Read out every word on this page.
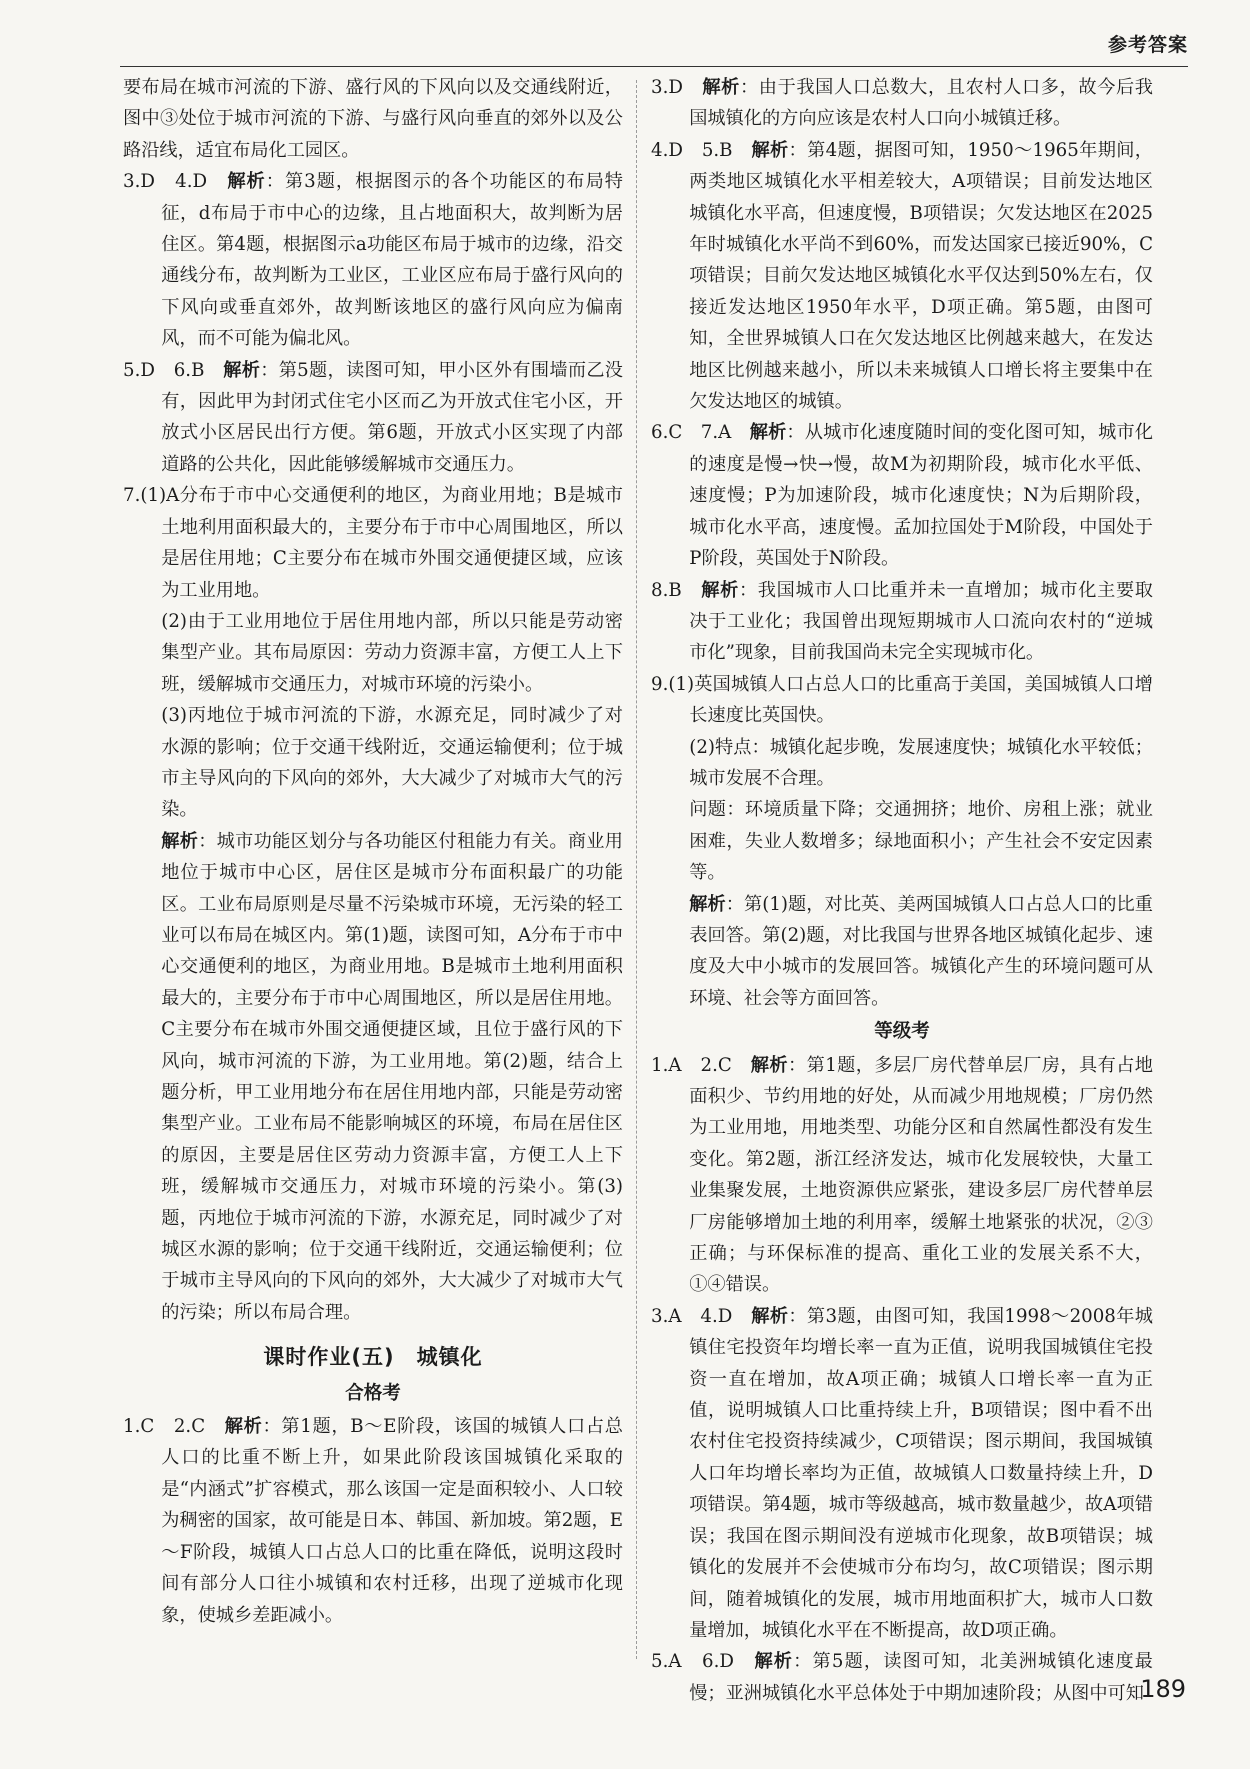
参考答案

要布局在城市河流的下游、盛行风的下风向以及交通线附近，图中③处位于城市河流的下游、与盛行风向垂直的郊外以及公路沿线，适宜布局化工园区。

3.D　4.D　解析：第3题，根据图示的各个功能区的布局特征，d布局于市中心的边缘，且占地面积大，故判断为居住区。第4题，根据图示a功能区布局于城市的边缘，沿交通线分布，故判断为工业区，工业区应布局于盛行风向的下风向或垂直郊外，故判断该地区的盛行风向应为偏南风，而不可能为偏北风。

5.D　6.B　解析：第5题，读图可知，甲小区外有围墙而乙没有，因此甲为封闭式住宅小区而乙为开放式住宅小区，开放式小区居民出行方便。第6题，开放式小区实现了内部道路的公共化，因此能够缓解城市交通压力。

7.(1)A分布于市中心交通便利的地区，为商业用地；B是城市土地利用面积最大的，主要分布于市中心周围地区，所以是居住用地；C主要分布在城市外围交通便捷区域，应该为工业用地。

(2)由于工业用地位于居住用地内部，所以只能是劳动密集型产业。其布局原因：劳动力资源丰富，方便工人上下班，缓解城市交通压力，对城市环境的污染小。

(3)丙地位于城市河流的下游，水源充足，同时减少了对水源的影响；位于交通干线附近，交通运输便利；位于城市主导风向的下风向的郊外，大大减少了对城市大气的污染。

解析：城市功能区划分与各功能区付租能力有关。商业用地位于城市中心区，居住区是城市分布面积最广的功能区。工业布局原则是尽量不污染城市环境，无污染的轻工业可以布局在城区内。第(1)题，读图可知，A分布于市中心交通便利的地区，为商业用地。B是城市土地利用面积最大的，主要分布于市中心周围地区，所以是居住用地。C主要分布在城市外围交通便捷区域，且位于盛行风的下风向，城市河流的下游，为工业用地。第(2)题，结合上题分析，甲工业用地分布在居住用地内部，只能是劳动密集型产业。工业布局不能影响城区的环境，布局在居住区的原因，主要是居住区劳动力资源丰富，方便工人上下班，缓解城市交通压力，对城市环境的污染小。第(3)题，丙地位于城市河流的下游，水源充足，同时减少了对城区水源的影响；位于交通干线附近，交通运输便利；位于城市主导风向的下风向的郊外，大大减少了对城市大气的污染；所以布局合理。

课时作业(五)　城镇化
合格考

1.C　2.C　解析：第1题，B～E阶段，该国的城镇人口占总人口的比重不断上升，如果此阶段该国城镇化采取的是“内涵式”扩容模式，那么该国一定是面积较小、人口较为稠密的国家，故可能是日本、韩国、新加坡。第2题，E～F阶段，城镇人口占总人口的比重在降低，说明这段时间有部分人口往小城镇和农村迁移，出现了逆城市化现象，使城乡差距减小。

3.D　解析：由于我国人口总数大，且农村人口多，故今后我国城镇化的方向应该是农村人口向小城镇迁移。

4.D　5.B　解析：第4题，据图可知，1950～1965年期间，两类地区城镇化水平相差较大，A项错误；目前发达地区城镇化水平高，但速度慢，B项错误；欠发达地区在2025年时城镇化水平尚不到60%，而发达国家已接近90%，C项错误；目前欠发达地区城镇化水平仅达到50%左右，仅接近发达地区1950年水平，D项正确。第5题，由图可知，全世界城镇人口在欠发达地区比例越来越大，在发达地区比例越来越小，所以未来城镇人口增长将主要集中在欠发达地区的城镇。

6.C　7.A　解析：从城市化速度随时间的变化图可知，城市化的速度是慢→快→慢，故M为初期阶段，城市化水平低、速度慢；P为加速阶段，城市化速度快；N为后期阶段，城市化水平高，速度慢。孟加拉国处于M阶段，中国处于P阶段，英国处于N阶段。

8.B　解析：我国城市人口比重并未一直增加；城市化主要取决于工业化；我国曾出现短期城市人口流向农村的“逆城市化”现象，目前我国尚未完全实现城市化。

9.(1)英国城镇人口占总人口的比重高于美国，美国城镇人口增长速度比英国快。

(2)特点：城镇化起步晚，发展速度快；城镇化水平较低；城市发展不合理。

问题：环境质量下降；交通拥挤；地价、房租上涨；就业困难，失业人数增多；绿地面积小；产生社会不安定因素等。

解析：第(1)题，对比英、美两国城镇人口占总人口的比重表回答。第(2)题，对比我国与世界各地区城镇化起步、速度及大中小城市的发展回答。城镇化产生的环境问题可从环境、社会等方面回答。

等级考

1.A　2.C　解析：第1题，多层厂房代替单层厂房，具有占地面积少、节约用地的好处，从而减少用地规模；厂房仍然为工业用地，用地类型、功能分区和自然属性都没有发生变化。第2题，浙江经济发达，城市化发展较快，大量工业集聚发展，土地资源供应紧张，建设多层厂房代替单层厂房能够增加土地的利用率，缓解土地紧张的状况，②③正确；与环保标准的提高、重化工业的发展关系不大，①④错误。

3.A　4.D　解析：第3题，由图可知，我国1998～2008年城镇住宅投资年均增长率一直为正值，说明我国城镇住宅投资一直在增加，故A项正确；城镇人口增长率一直为正值，说明城镇人口比重持续上升，B项错误；图中看不出农村住宅投资持续减少，C项错误；图示期间，我国城镇人口年均增长率均为正值，故城镇人口数量持续上升，D项错误。第4题，城市等级越高，城市数量越少，故A项错误；我国在图示期间没有逆城市化现象，故B项错误；城镇化的发展并不会使城市分布均匀，故C项错误；图示期间，随着城镇化的发展，城市用地面积扩大，城市人口数量增加，城镇化水平在不断提高，故D项正确。

5.A　6.D　解析：第5题，读图可知，北美洲城镇化速度最慢；亚洲城镇化水平总体处于中期加速阶段；从图中可知

189
